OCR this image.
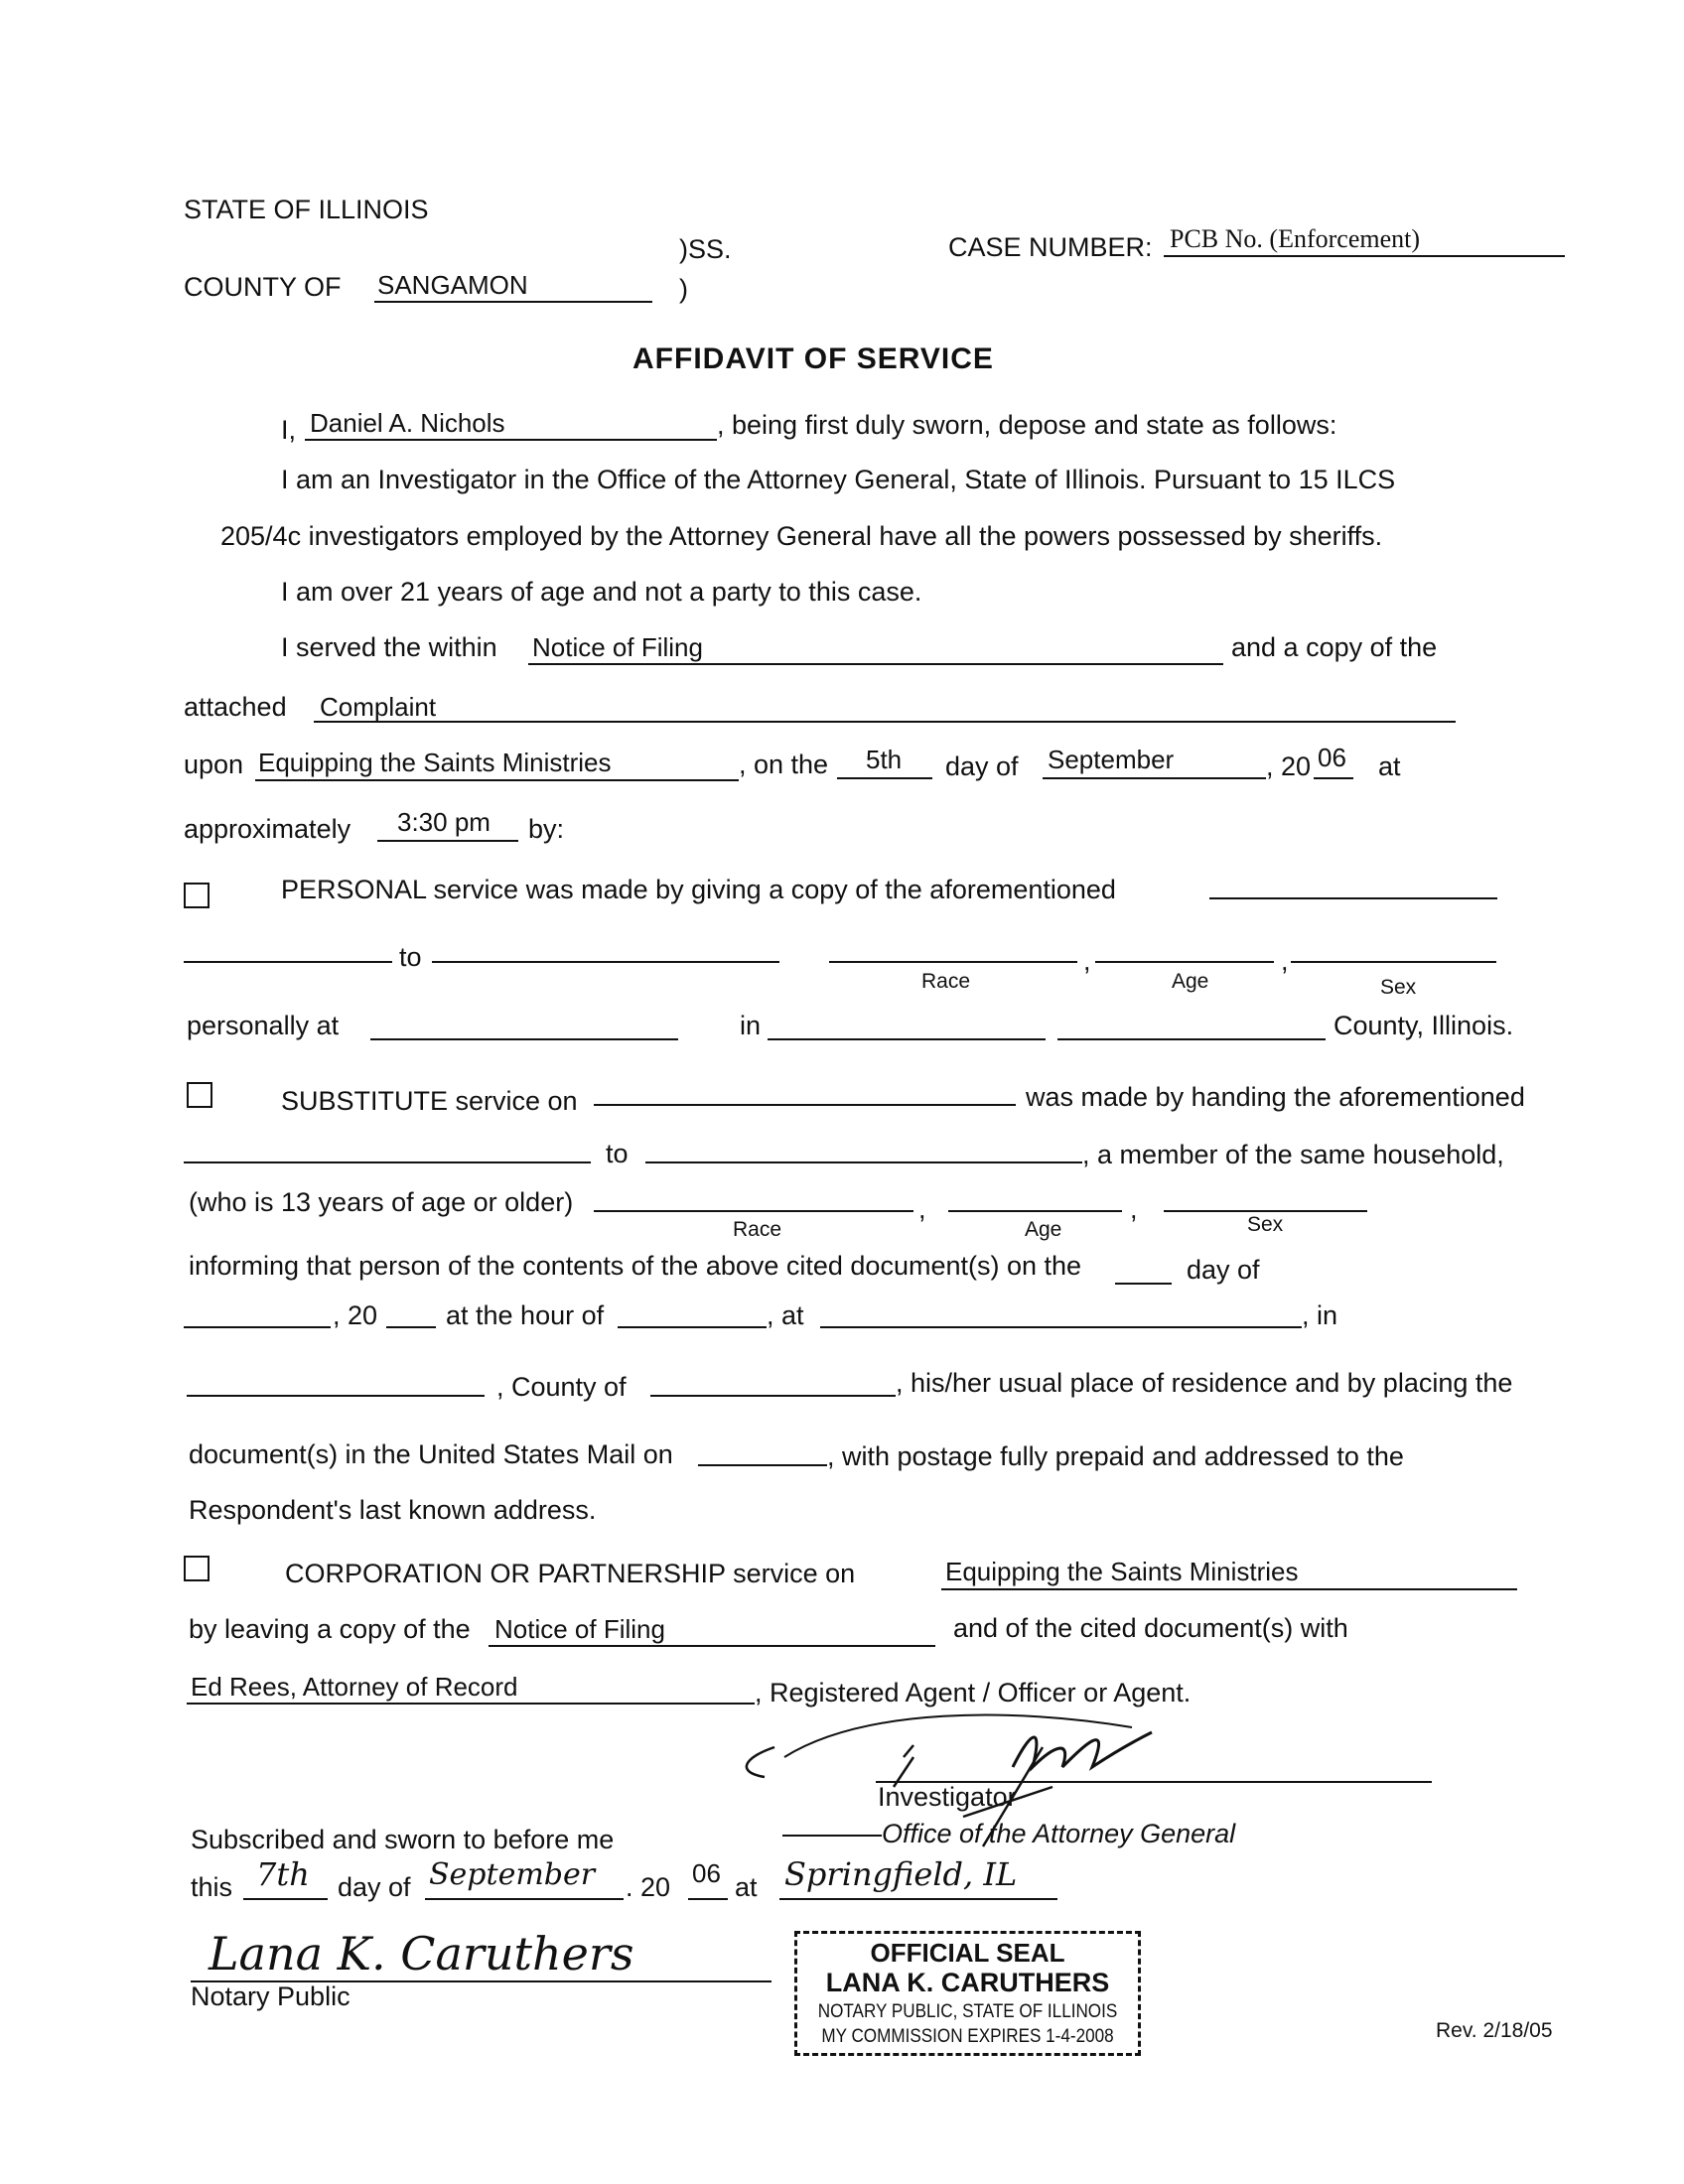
STATE OF ILLINOIS
)SS.
COUNTY OF SANGAMON	)
CASE NUMBER: PCB No. (Enforcement)
AFFIDAVIT OF SERVICE
I, Daniel A. Nichols	, being first duly sworn, depose and state as follows:
I am an Investigator in the Office of the Attorney General, State of Illinois. Pursuant to 15 ILCS
205/4c investigators employed by the Attorney General have all the powers possessed by sheriffs.
I am over 21 years of age and not a party to this case.
I served the within Notice of Filing	and a copy of the
attached Complaint
upon Equipping the Saints Ministries	, on the 5th day of September	, 20 06 at
approximately 3:30 pm by:
PERSONAL service was made by giving a copy of the aforementioned
to	,	,
Race	Age	Sex
personally at	in	County, Illinois.
SUBSTITUTE service on	was made by handing the aforementioned
to	, a member of the same household,
(who is 13 years of age or older)	,	,
Race	Age	Sex
informing that person of the contents of the above cited document(s) on the	day of
, 20	at the hour of	, at	, in
, County of	, his/her usual place of residence and by placing the
document(s) in the United States Mail on	, with postage fully prepaid and addressed to the
Respondent's last known address.
CORPORATION OR PARTNERSHIP service on	Equipping the Saints Ministries
by leaving a copy of the Notice of Filing	and of the cited document(s) with
Ed Rees, Attorney of Record	, Registered Agent / Officer or Agent.
Investigator
Office of the Attorney General
Subscribed and sworn to before me
this 7th day of September . 20 06 at Springfield, IL
Lana K. Caruthers
Notary Public
OFFICIAL SEAL
LANA K. CARUTHERS
NOTARY PUBLIC, STATE OF ILLINOIS
MY COMMISSION EXPIRES 1-4-2008	Rev. 2/18/05
